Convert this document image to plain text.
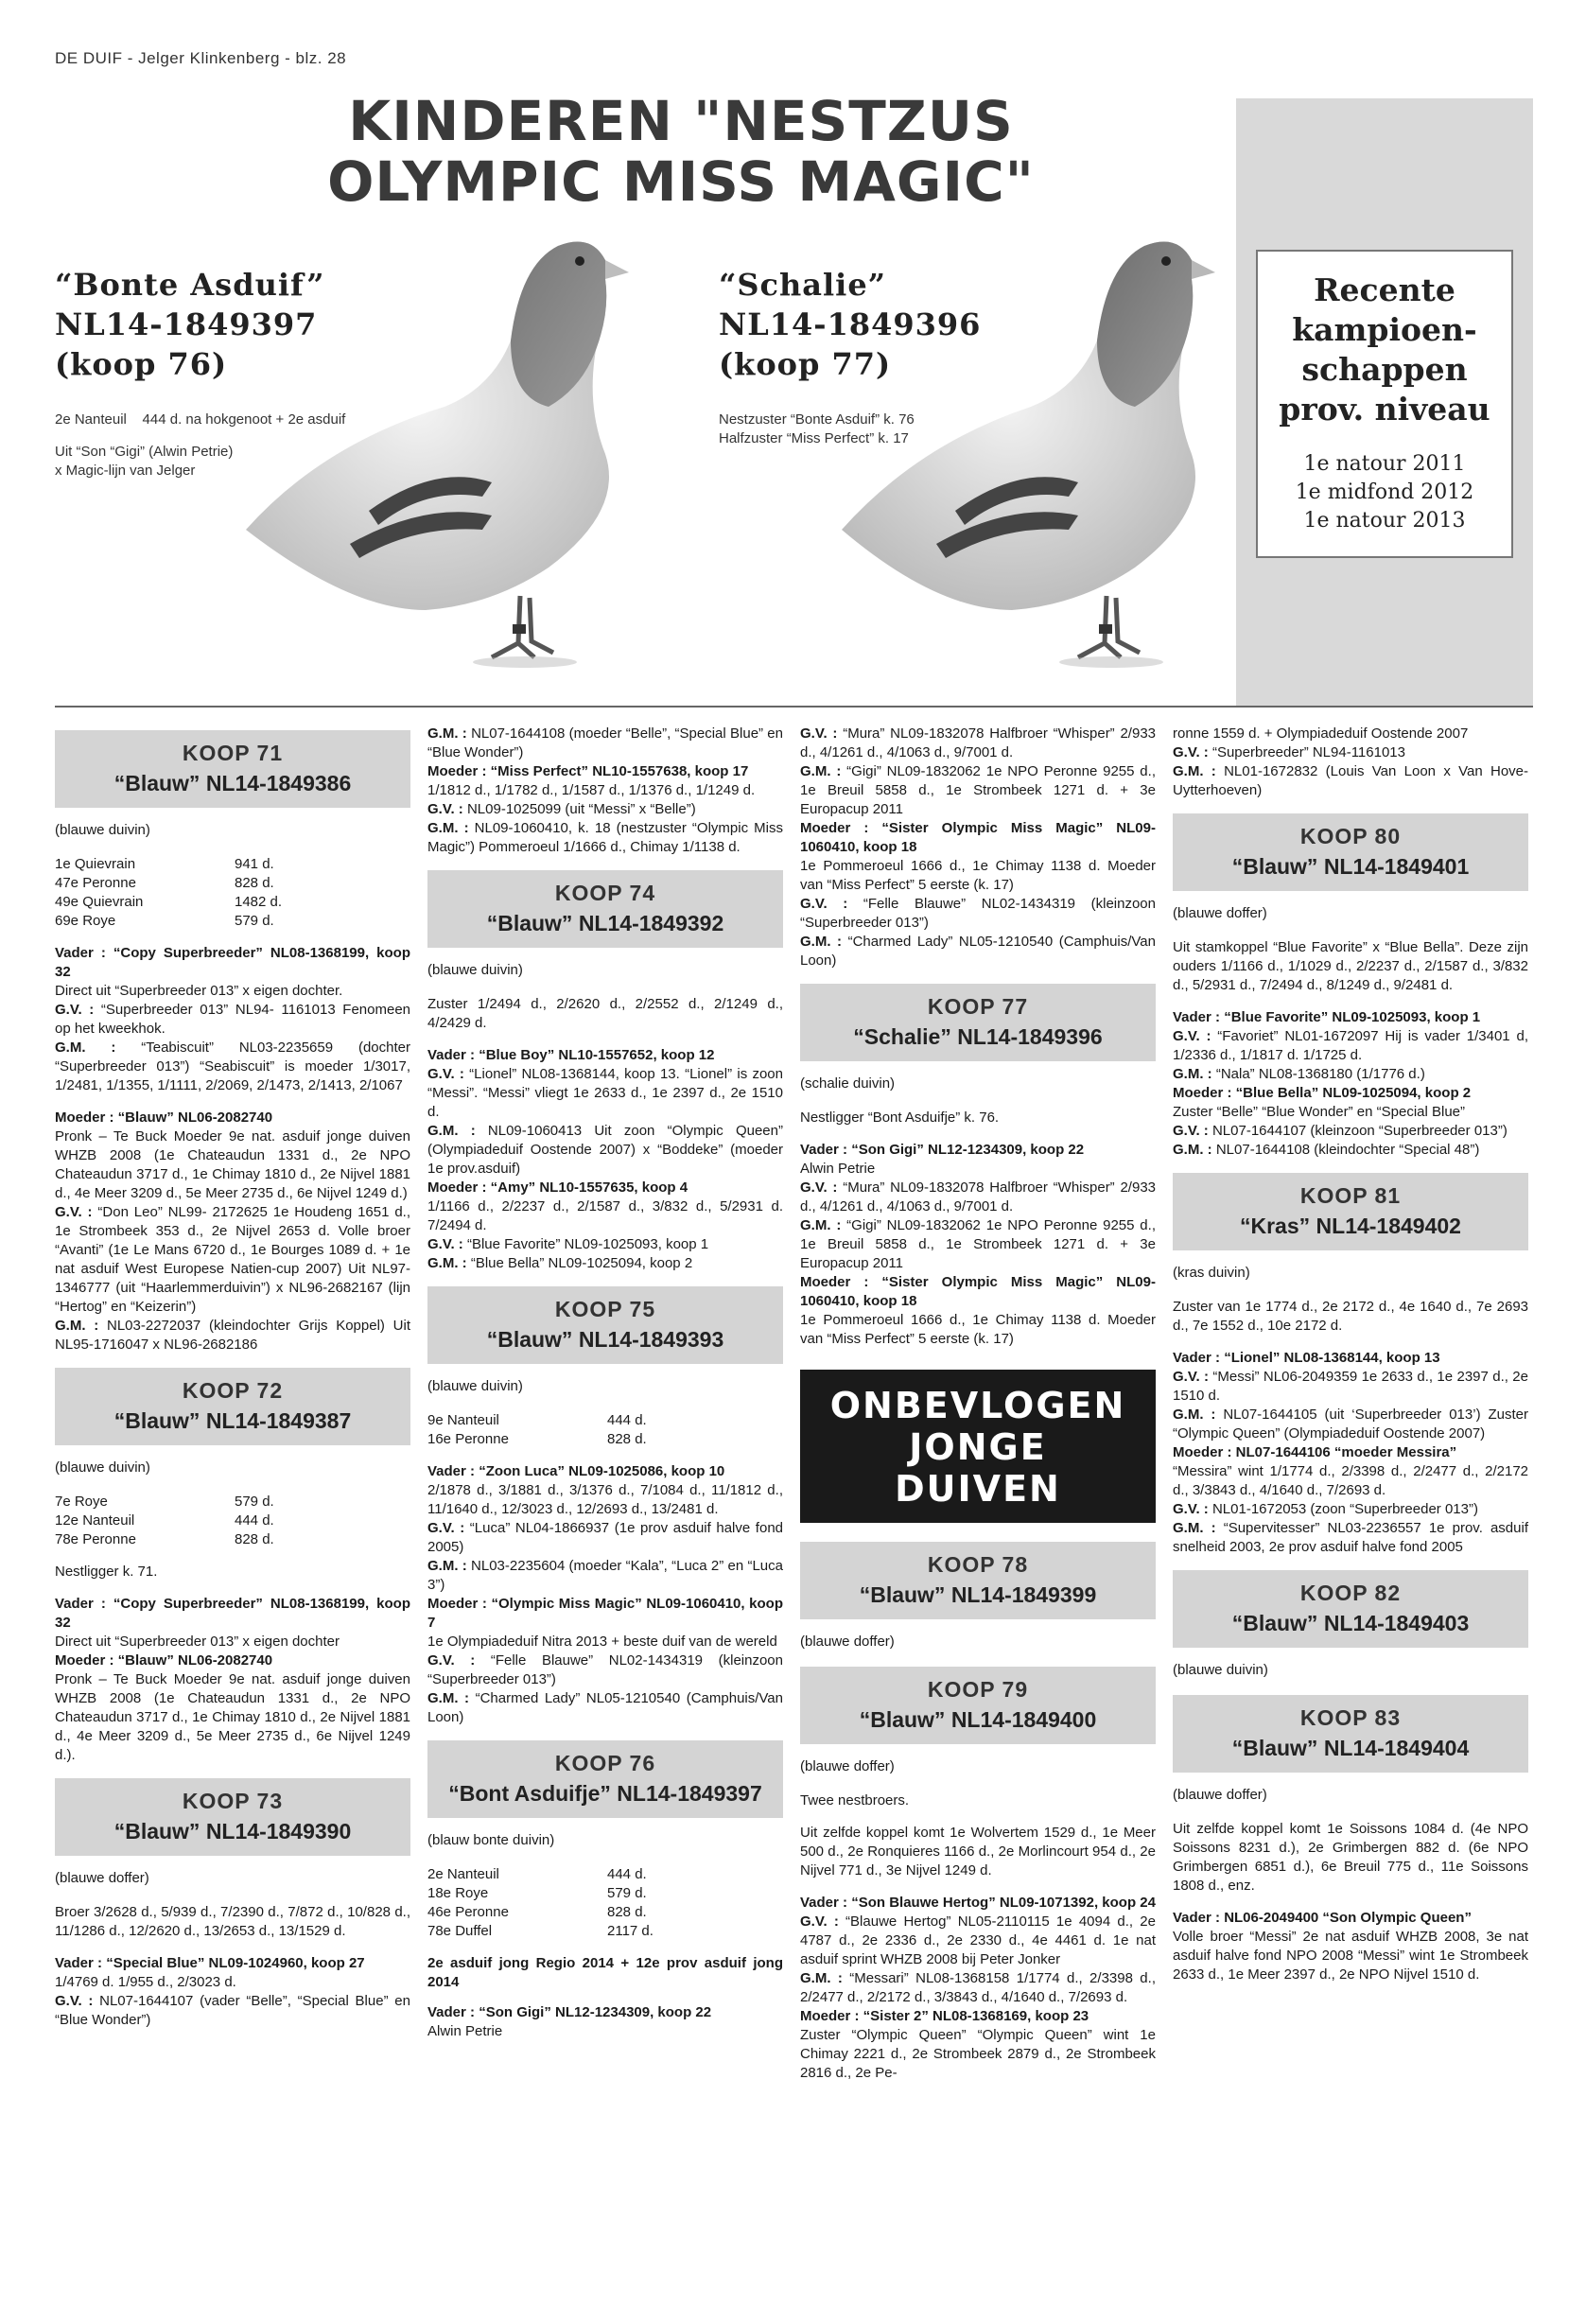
DE DUIF - Jelger Klinkenberg - blz. 28
KINDEREN "NESTZUS
OLYMPIC MISS MAGIC"
Recente
kampioen-
schappen
prov. niveau
1e natour 2011
1e midfond 2012
1e natour 2013
“Bonte Asduif”
NL14-1849397
(koop 76)
2e Nanteuil    444 d. na hokgenoot + 2e asduif
Uit “Son “Gigi” (Alwin Petrie)
x Magic-lijn van Jelger
“Schalie”
NL14-1849396
(koop 77)
Nestzuster “Bonte Asduif” k. 76
Halfzuster “Miss Perfect” k. 17
KOOP 71
“Blauw” NL14-1849386
(blauwe duivin)
1e Quievrain	941 d.
47e Peronne	828 d.
49e Quievrain	1482 d.
69e Roye	579 d.

Vader : “Copy Superbreeder” NL08-1368199, koop 32
Direct uit “Superbreeder 013” x eigen dochter.
G.V. : “Superbreeder 013” NL94- 1161013 Fenomeen op het kweekhok.
G.M. : “Teabiscuit” NL03-2235659 (dochter “Superbreeder 013”) “Seabiscuit” is moeder 1/3017, 1/2481, 1/1355, 1/1111, 2/2069, 2/1473, 2/1413, 2/1067

Moeder : “Blauw” NL06-2082740
Pronk – Te Buck Moeder 9e nat. asduif jonge duiven WHZB 2008 (1e Chateaudun 1331 d., 2e NPO Chateaudun 3717 d., 1e Chimay 1810 d., 2e Nijvel 1881 d., 4e Meer 3209 d., 5e Meer 2735 d., 6e Nijvel 1249 d.)
G.V. : “Don Leo” NL99- 2172625 1e Houdeng 1651 d., 1e Strombeek 353 d., 2e Nijvel 2653 d. Volle broer “Avanti” (1e Le Mans 6720 d., 1e Bourges 1089 d. + 1e nat asduif West Europese Natien-cup 2007) Uit NL97-1346777 (uit “Haarlemmerduivin”) x NL96-2682167 (lijn “Hertog” en “Keizerin”)
G.M. : NL03-2272037 (kleindochter Grijs Koppel) Uit NL95-1716047 x NL96-2682186

KOOP 72
“Blauw” NL14-1849387
(blauwe duivin)
7e Roye	579 d.
12e Nanteuil	444 d.
78e Peronne	828 d.

Nestligger k. 71.

Vader : “Copy Superbreeder” NL08-1368199, koop 32
Direct uit “Superbreeder 013” x eigen dochter
Moeder : “Blauw” NL06-2082740
Pronk – Te Buck Moeder 9e nat. asduif jonge duiven WHZB 2008 (1e Chateaudun 1331 d., 2e NPO Chateaudun 3717 d., 1e Chimay 1810 d., 2e Nijvel 1881 d., 4e Meer 3209 d., 5e Meer 2735 d., 6e Nijvel 1249 d.).

KOOP 73
“Blauw” NL14-1849390
(blauwe doffer)

Broer 3/2628 d., 5/939 d., 7/2390 d., 7/872 d., 10/828 d., 11/1286 d., 12/2620 d., 13/2653 d., 13/1529 d.

Vader : “Special Blue” NL09-1024960, koop 27
1/4769 d. 1/955 d., 2/3023 d.
G.V. : NL07-1644107 (vader “Belle”, “Special Blue” en “Blue Wonder”)

G.M. : NL07-1644108 (moeder “Belle”, “Special Blue” en “Blue Wonder”)
Moeder : “Miss Perfect” NL10-1557638, koop 17
1/1812 d., 1/1782 d., 1/1587 d., 1/1376 d., 1/1249 d.
G.V. : NL09-1025099 (uit “Messi” x “Belle”)
G.M. : NL09-1060410, k. 18 (nestzuster “Olympic Miss Magic”) Pommeroeul 1/1666 d., Chimay 1/1138 d.

KOOP 74
“Blauw” NL14-1849392
(blauwe duivin)

Zuster 1/2494 d., 2/2620 d., 2/2552 d., 2/1249 d., 4/2429 d.

Vader : “Blue Boy” NL10-1557652, koop 12
G.V. : “Lionel” NL08-1368144, koop 13. “Lionel” is zoon “Messi”. “Messi” vliegt 1e 2633 d., 1e 2397 d., 2e 1510 d.
G.M. : NL09-1060413 Uit zoon “Olympic Queen” (Olympiadeduif Oostende 2007) x “Boddeke” (moeder 1e prov.asduif)
Moeder : “Amy” NL10-1557635, koop 4
1/1166 d., 2/2237 d., 2/1587 d., 3/832 d., 5/2931 d. 7/2494 d.
G.V. : “Blue Favorite” NL09-1025093, koop 1
G.M. : “Blue Bella” NL09-1025094, koop 2

KOOP 75
“Blauw” NL14-1849393
(blauwe duivin)
9e Nanteuil	444 d.
16e Peronne	828 d.

Vader : “Zoon Luca” NL09-1025086, koop 10
2/1878 d., 3/1881 d., 3/1376 d., 7/1084 d., 11/1812 d., 11/1640 d., 12/3023 d., 12/2693 d., 13/2481 d.
G.V. : “Luca” NL04-1866937 (1e prov asduif halve fond 2005)
G.M. : NL03-2235604 (moeder “Kala”, “Luca 2” en “Luca 3”)
Moeder : “Olympic Miss Magic” NL09-1060410, koop 7
1e Olympiadeduif Nitra 2013 + beste duif van de wereld
G.V. : “Felle Blauwe” NL02-1434319 (kleinzoon “Superbreeder 013”)
G.M. : “Charmed Lady” NL05-1210540 (Camphuis/Van Loon)

KOOP 76
“Bont Asduifje” NL14-1849397
(blauw bonte duivin)
2e Nanteuil	444 d.
18e Roye	579 d.
46e Peronne	828 d.
78e Duffel	2117 d.

2e asduif jong Regio 2014 + 12e prov asduif jong 2014

Vader : “Son Gigi” NL12-1234309, koop 22
Alwin Petrie

G.V. : “Mura” NL09-1832078 Halfbroer “Whisper” 2/933 d., 4/1261 d., 4/1063 d., 9/7001 d.
G.M. : “Gigi” NL09-1832062 1e NPO Peronne 9255 d., 1e Breuil 5858 d., 1e Strombeek 1271 d. + 3e Europacup 2011
Moeder : “Sister Olympic Miss Magic” NL09-1060410, koop 18
1e Pommeroeul 1666 d., 1e Chimay 1138 d. Moeder van “Miss Perfect” 5 eerste (k. 17)
G.V. : “Felle Blauwe” NL02-1434319 (kleinzoon “Superbreeder 013”)
G.M. : “Charmed Lady” NL05-1210540 (Camphuis/Van Loon)

KOOP 77
“Schalie” NL14-1849396
(schalie duivin)

Nestligger “Bont Asduifje” k. 76.

Vader : “Son Gigi” NL12-1234309, koop 22
Alwin Petrie
G.V. : “Mura” NL09-1832078 Halfbroer “Whisper” 2/933 d., 4/1261 d., 4/1063 d., 9/7001 d.
G.M. : “Gigi” NL09-1832062 1e NPO Peronne 9255 d., 1e Breuil 5858 d., 1e Strombeek 1271 d. + 3e Europacup 2011
Moeder : “Sister Olympic Miss Magic” NL09-1060410, koop 18
1e Pommeroeul 1666 d., 1e Chimay 1138 d. Moeder van “Miss Perfect” 5 eerste (k. 17)

ONBEVLOGEN
JONGE
DUIVEN
KOOP 78
“Blauw” NL14-1849399
(blauwe doffer)
KOOP 79
“Blauw” NL14-1849400
(blauwe doffer)

Twee nestbroers.

Uit zelfde koppel komt 1e Wolvertem 1529 d., 1e Meer 500 d., 2e Ronquieres 1166 d., 2e Morlincourt 954 d., 2e Nijvel 771 d., 3e Nijvel 1249 d.

Vader : “Son Blauwe Hertog” NL09-1071392, koop 24
G.V. : “Blauwe Hertog” NL05-2110115 1e 4094 d., 2e 4787 d., 2e 2336 d., 2e 2330 d., 4e 4461 d. 1e nat asduif sprint WHZB 2008 bij Peter Jonker
G.M. : “Messari” NL08-1368158 1/1774 d., 2/3398 d., 2/2477 d., 2/2172 d., 3/3843 d., 4/1640 d., 7/2693 d.
Moeder : “Sister 2” NL08-1368169, koop 23
Zuster “Olympic Queen” “Olympic Queen” wint 1e Chimay 2221 d., 2e Strombeek 2879 d., 2e Strombeek 2816 d., 2e Pe-

ronne 1559 d. + Olympiadeduif Oostende 2007
G.V. : “Superbreeder” NL94-1161013
G.M. : NL01-1672832 (Louis Van Loon x Van Hove-Uytterhoeven)

KOOP 80
“Blauw” NL14-1849401
(blauwe doffer)

Uit stamkoppel “Blue Favorite” x “Blue Bella”. Deze zijn ouders 1/1166 d., 1/1029 d., 2/2237 d., 2/1587 d., 3/832 d., 5/2931 d., 7/2494 d., 8/1249 d., 9/2481 d.

Vader : “Blue Favorite” NL09-1025093, koop 1
G.V. : “Favoriet” NL01-1672097 Hij is vader 1/3401 d, 1/2336 d., 1/1817 d. 1/1725 d.
G.M. : “Nala” NL08-1368180 (1/1776 d.)
Moeder : “Blue Bella” NL09-1025094, koop 2
Zuster “Belle” “Blue Wonder” en “Special Blue”
G.V. : NL07-1644107 (kleinzoon “Superbreeder 013”)
G.M. : NL07-1644108 (kleindochter “Special 48”)

KOOP 81
“Kras” NL14-1849402
(kras duivin)

Zuster van 1e 1774 d., 2e 2172 d., 4e 1640 d., 7e 2693 d., 7e 1552 d., 10e 2172 d.

Vader : “Lionel” NL08-1368144, koop 13
G.V. : “Messi” NL06-2049359 1e 2633 d., 1e 2397 d., 2e 1510 d.
G.M. : NL07-1644105 (uit ‘Superbreeder 013’) Zuster “Olympic Queen” (Olympiadeduif Oostende 2007)
Moeder : NL07-1644106 “moeder Messira”
“Messira” wint 1/1774 d., 2/3398 d., 2/2477 d., 2/2172 d., 3/3843 d., 4/1640 d., 7/2693 d.
G.V. : NL01-1672053 (zoon “Superbreeder 013”)
G.M. : “Supervitesser” NL03-2236557 1e prov. asduif snelheid 2003, 2e prov asduif halve fond 2005

KOOP 82
“Blauw” NL14-1849403
(blauwe duivin)
KOOP 83
“Blauw” NL14-1849404
(blauwe doffer)

Uit zelfde koppel komt 1e Soissons 1084 d. (4e NPO Soissons 8231 d.), 2e Grimbergen 882 d. (6e NPO Grimbergen 6851 d.), 6e Breuil 775 d., 11e Soissons 1808 d., enz.

Vader : NL06-2049400 “Son Olympic Queen”
Volle broer “Messi” 2e nat asduif WHZB 2008, 3e nat asduif halve fond NPO 2008 “Messi” wint 1e Strombeek 2633 d., 1e Meer 2397 d., 2e NPO Nijvel 1510 d.
